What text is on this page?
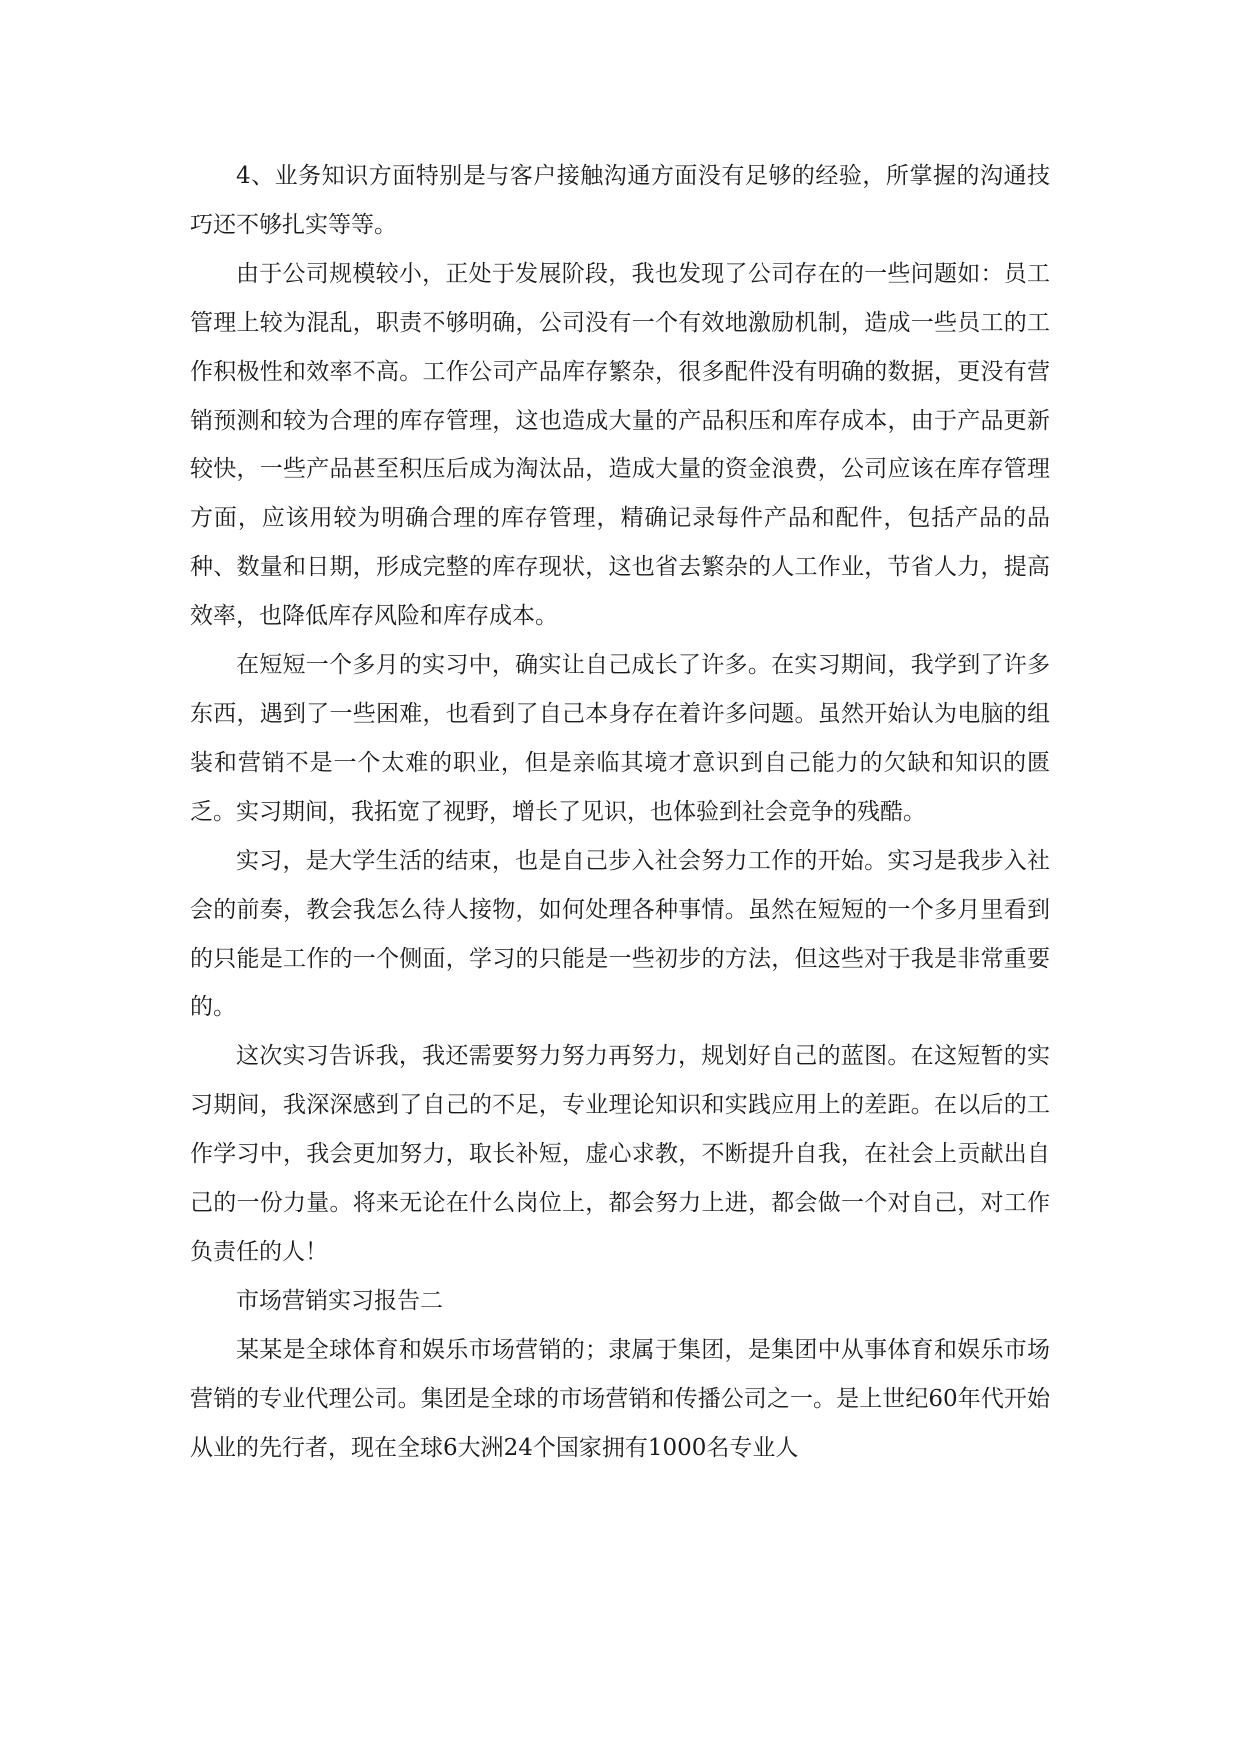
4、业务知识方面特别是与客户接触沟通方面没有足够的经验，所掌握的沟通技巧还不够扎实等等。

由于公司规模较小，正处于发展阶段，我也发现了公司存在的一些问题如：员工管理上较为混乱，职责不够明确，公司没有一个有效地激励机制，造成一些员工的工作积极性和效率不高。工作公司产品库存繁杂，很多配件没有明确的数据，更没有营销预测和较为合理的库存管理，这也造成大量的产品积压和库存成本，由于产品更新较快，一些产品甚至积压后成为淘汰品，造成大量的资金浪费，公司应该在库存管理方面，应该用较为明确合理的库存管理，精确记录每件产品和配件，包括产品的品种、数量和日期，形成完整的库存现状，这也省去繁杂的人工作业，节省人力，提高效率，也降低库存风险和库存成本。

在短短一个多月的实习中，确实让自己成长了许多。在实习期间，我学到了许多东西，遇到了一些困难，也看到了自己本身存在着许多问题。虽然开始认为电脑的组装和营销不是一个太难的职业，但是亲临其境才意识到自己能力的欠缺和知识的匮乏。实习期间，我拓宽了视野，增长了见识，也体验到社会竞争的残酷。

实习，是大学生活的结束，也是自己步入社会努力工作的开始。实习是我步入社会的前奏，教会我怎么待人接物，如何处理各种事情。虽然在短短的一个多月里看到的只能是工作的一个侧面，学习的只能是一些初步的方法，但这些对于我是非常重要的。

这次实习告诉我，我还需要努力努力再努力，规划好自己的蓝图。在这短暂的实习期间，我深深感到了自己的不足，专业理论知识和实践应用上的差距。在以后的工作学习中，我会更加努力，取长补短，虚心求教，不断提升自我，在社会上贡献出自己的一份力量。将来无论在什么岗位上，都会努力上进，都会做一个对自己，对工作负责任的人！

市场营销实习报告二

某某是全球体育和娱乐市场营销的；隶属于集团，是集团中从事体育和娱乐市场营销的专业代理公司。集团是全球的市场营销和传播公司之一。是上世纪60年代开始从业的先行者，现在全球6大洲24个国家拥有1000名专业人
